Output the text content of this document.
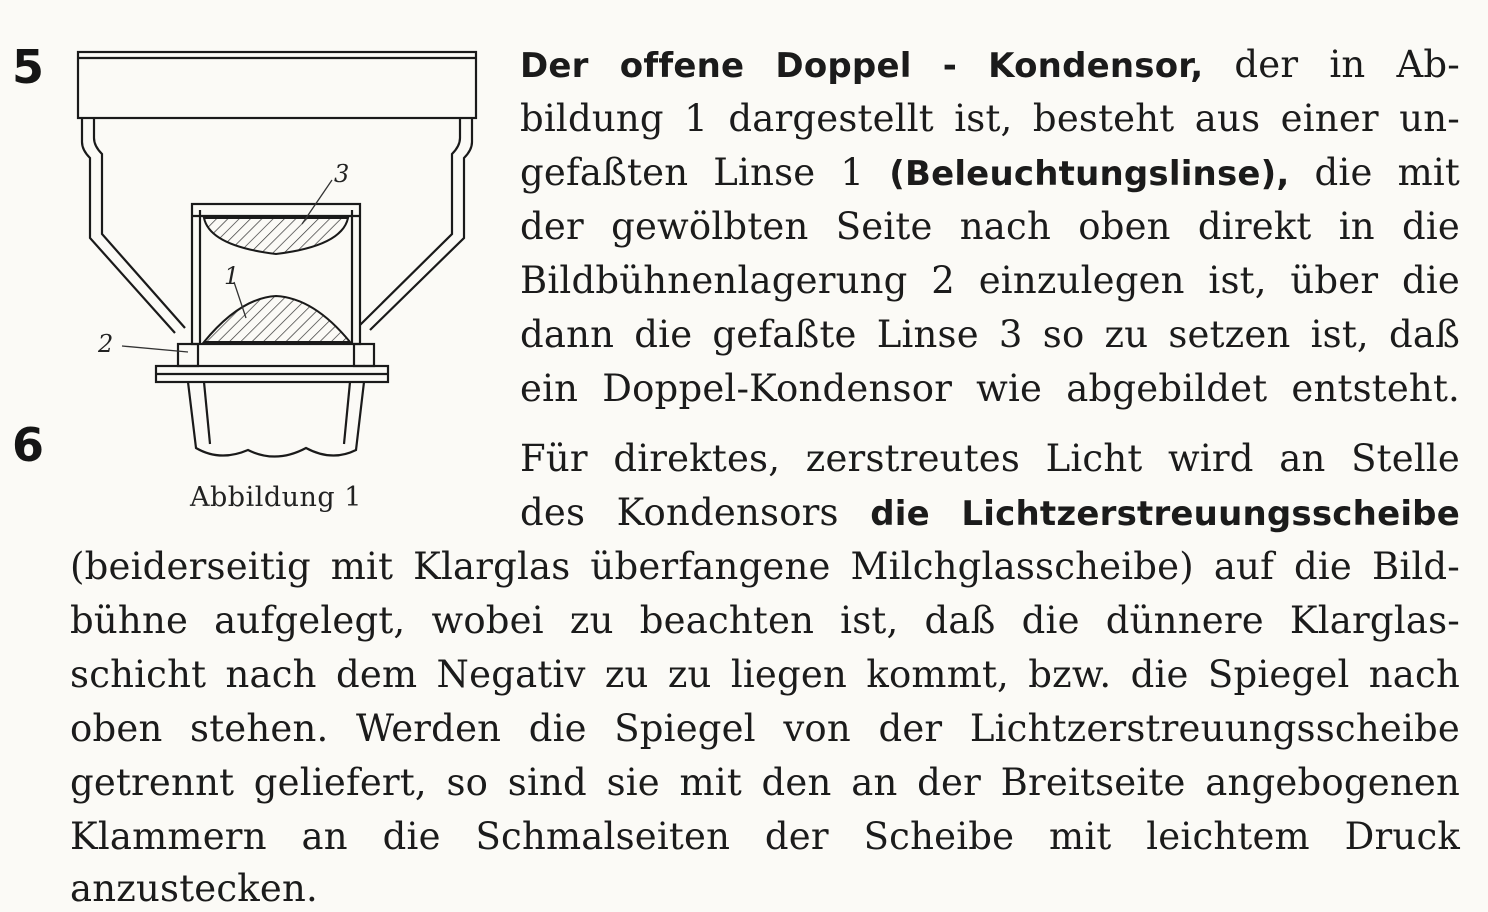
5
6
3
1
2
Abbildung 1
Der offene Doppel - Kondensor, der in Ab-
bildung 1 dargestellt ist, besteht aus einer un-
gefaßten Linse 1 (Beleuchtungslinse), die mit
der gewölbten Seite nach oben direkt in die
Bildbühnenlagerung 2 einzulegen ist, über die
dann die gefaßte Linse 3 so zu setzen ist, daß
ein Doppel-Kondensor wie abgebildet entsteht.
Für direktes, zerstreutes Licht wird an Stelle
des Kondensors die Lichtzerstreuungsscheibe
(beiderseitig mit Klarglas überfangene Milchglasscheibe) auf die Bild-
bühne aufgelegt, wobei zu beachten ist, daß die dünnere Klarglas-
schicht nach dem Negativ zu zu liegen kommt, bzw. die Spiegel nach
oben stehen. Werden die Spiegel von der Lichtzerstreuungsscheibe
getrennt geliefert, so sind sie mit den an der Breitseite angebogenen
Klammern an die Schmalseiten der Scheibe mit leichtem Druck
anzustecken.
